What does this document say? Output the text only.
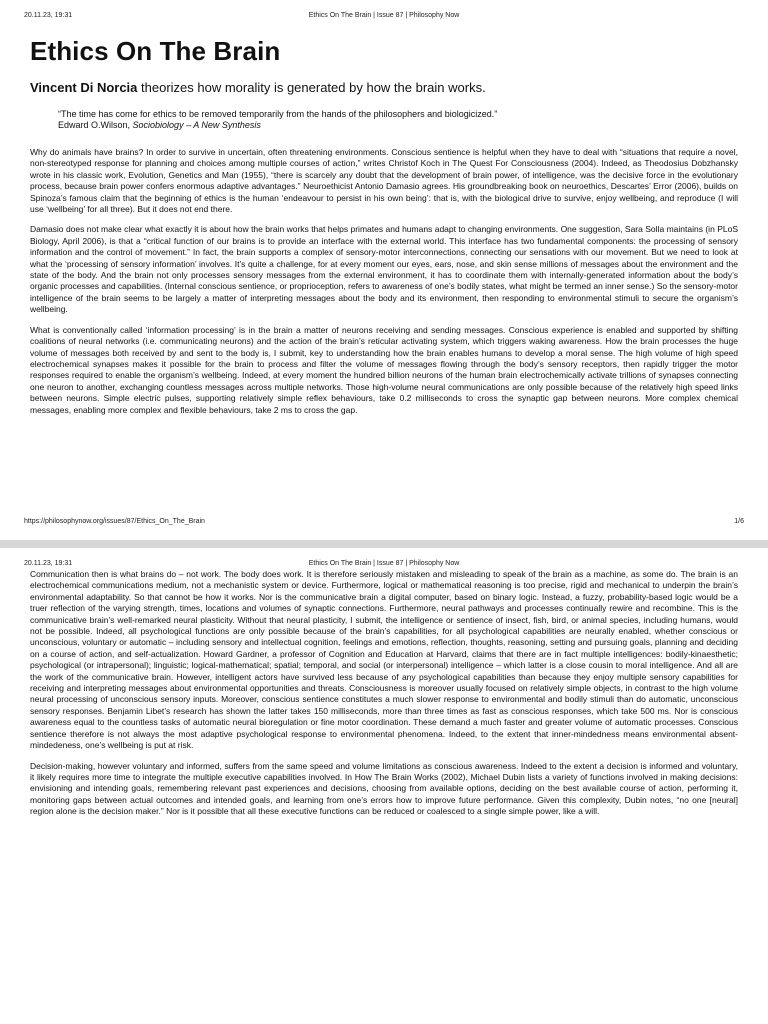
20.11.23, 19:31	Ethics On The Brain | Issue 87 | Philosophy Now
Ethics On The Brain
Vincent Di Norcia theorizes how morality is generated by how the brain works.
“The time has come for ethics to be removed temporarily from the hands of the philosophers and biologicized.”
Edward O.Wilson, Sociobiology – A New Synthesis

Why do animals have brains? In order to survive in uncertain, often threatening environments. Conscious sentience is helpful when they have to deal with “situations that require a novel, non-stereotyped response for planning and choices among multiple courses of action,” writes Christof Koch in The Quest For Consciousness (2004). Indeed, as Theodosius Dobzhansky wrote in his classic work, Evolution, Genetics and Man (1955), “there is scarcely any doubt that the development of brain power, of intelligence, was the decisive force in the evolutionary process, because brain power confers enormous adaptive advantages.” Neuroethicist Antonio Damasio agrees. His groundbreaking book on neuroethics, Descartes’ Error (2006), builds on Spinoza’s famous claim that the beginning of ethics is the human ‘endeavour to persist in his own being’: that is, with the biological drive to survive, enjoy wellbeing, and reproduce (I will use ‘wellbeing’ for all three). But it does not end there.

Damasio does not make clear what exactly it is about how the brain works that helps primates and humans adapt to changing environments. One suggestion, Sara Solla maintains (in PLoS Biology, April 2006), is that a “critical function of our brains is to provide an interface with the external world. This interface has two fundamental components: the processing of sensory information and the control of movement.” In fact, the brain supports a complex of sensory-motor interconnections, connecting our sensations with our movement. But we need to look at what the ‘processing of sensory information’ involves. It’s quite a challenge, for at every moment our eyes, ears, nose, and skin sense millions of messages about the environment and the state of the body. And the brain not only processes sensory messages from the external environment, it has to coordinate them with internally-generated information about the body’s organic processes and capabilities. (Internal conscious sentience, or proprioception, refers to awareness of one’s bodily states, what might be termed an inner sense.) So the sensory-motor intelligence of the brain seems to be largely a matter of interpreting messages about the body and its environment, then responding to environmental stimuli to secure the organism’s wellbeing.

What is conventionally called ‘information processing’ is in the brain a matter of neurons receiving and sending messages. Conscious experience is enabled and supported by shifting coalitions of neural networks (i.e. communicating neurons) and the action of the brain’s reticular activating system, which triggers waking awareness. How the brain processes the huge volume of messages both received by and sent to the body is, I submit, key to understanding how the brain enables humans to develop a moral sense. The high volume of high speed electrochemical synapses makes it possible for the brain to process and filter the volume of messages flowing through the body’s sensory receptors, then rapidly trigger the motor responses required to enable the organism’s wellbeing. Indeed, at every moment the hundred billion neurons of the human brain electrochemically activate trillions of synapses connecting one neuron to another, exchanging countless messages across multiple networks. Those high-volume neural communications are only possible because of the relatively high speed links between neurons. Simple electric pulses, supporting relatively simple reflex behaviours, take 0.2 milliseconds to cross the synaptic gap between neurons. More complex chemical messages, enabling more complex and flexible behaviours, take 2 ms to cross the gap.

https://philosophynow.org/issues/87/Ethics_On_The_Brain	1/6
20.11.23, 19:31	Ethics On The Brain | Issue 87 | Philosophy Now

Communication then is what brains do – not work. The body does work. It is therefore seriously mistaken and misleading to speak of the brain as a machine, as some do. The brain is an electrochemical communications medium, not a mechanistic system or device. Furthermore, logical or mathematical reasoning is too precise, rigid and mechanical to underpin the brain’s environmental adaptability. So that cannot be how it works. Nor is the communicative brain a digital computer, based on binary logic. Instead, a fuzzy, probability-based logic would be a truer reflection of the varying strength, times, locations and volumes of synaptic connections. Furthermore, neural pathways and processes continually rewire and recombine. This is the communicative brain’s well-remarked neural plasticity. Without that neural plasticity, I submit, the intelligence or sentience of insect, fish, bird, or animal species, including humans, would not be possible. Indeed, all psychological functions are only possible because of the brain’s capabilities, for all psychological capabilities are neurally enabled, whether conscious or unconscious, voluntary or automatic – including sensory and intellectual cognition, feelings and emotions, reflection, thoughts, reasoning, setting and pursuing goals, planning and deciding on a course of action, and self-actualization. Howard Gardner, a professor of Cognition and Education at Harvard, claims that there are in fact multiple intelligences: bodily-kinaesthetic; psychological (or intrapersonal); linguistic; logical-mathematical; spatial; temporal, and social (or interpersonal) intelligence – which latter is a close cousin to moral intelligence. And all are the work of the communicative brain. However, intelligent actors have survived less because of any psychological capabilities than because they enjoy multiple sensory capabilities for receiving and interpreting messages about environmental opportunities and threats. Consciousness is moreover usually focused on relatively simple objects, in contrast to the high volume neural processing of unconscious sensory inputs. Moreover, conscious sentience constitutes a much slower response to environmental and bodily stimuli than do automatic, unconscious sensory responses. Benjamin Libet’s research has shown the latter takes 150 milliseconds, more than three times as fast as conscious responses, which take 500 ms. Nor is conscious awareness equal to the countless tasks of automatic neural bioregulation or fine motor coordination. These demand a much faster and greater volume of automatic processes. Conscious sentience therefore is not always the most adaptive psychological response to environmental phenomena. Indeed, to the extent that inner-mindedness means environmental absent-mindedeness, one’s wellbeing is put at risk.

Decision-making, however voluntary and informed, suffers from the same speed and volume limitations as conscious awareness. Indeed to the extent a decision is informed and voluntary, it likely requires more time to integrate the multiple executive capabilities involved. In How The Brain Works (2002), Michael Dubin lists a variety of functions involved in making decisions: envisioning and intending goals, remembering relevant past experiences and decisions, choosing from available options, deciding on the best available course of action, performing it, monitoring gaps between actual outcomes and intended goals, and learning from one’s errors how to improve future performance. Given this complexity, Dubin notes, “no one [neural] region alone is the decision maker.” Nor is it possible that all these executive functions can be reduced or coalesced to a single simple power, like a will.
